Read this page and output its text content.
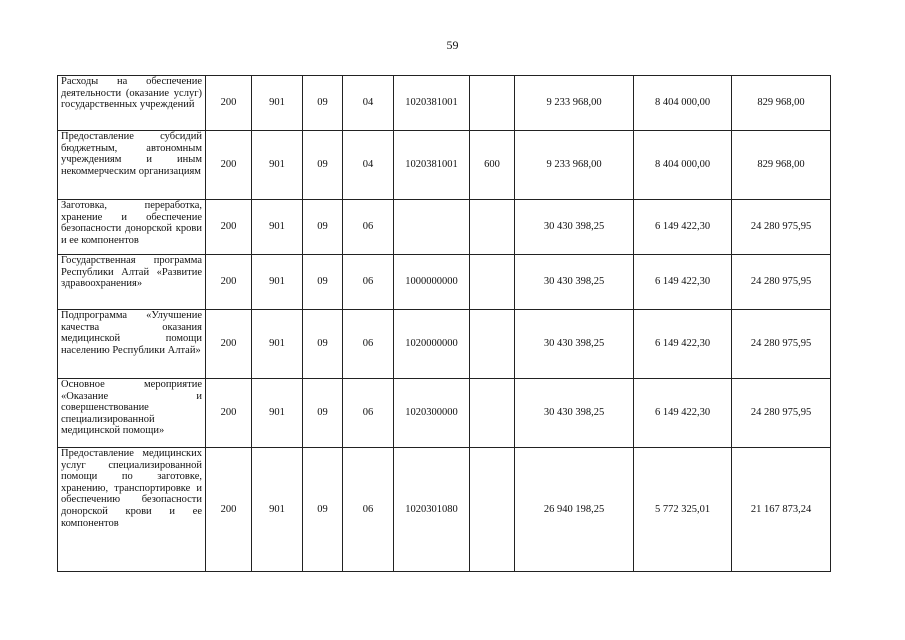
59
Расходы на обеспечение деятельности (оказание услуг) государственных учреждений	200	901	09	04	1020381001		9 233 968,00	8 404 000,00	829 968,00
Предоставление субсидий бюджетным, автономным учреждениям и иным некоммерческим организациям	200	901	09	04	1020381001	600	9 233 968,00	8 404 000,00	829 968,00
Заготовка, переработка, хранение и обеспечение безопасности донорской крови и ее компонентов	200	901	09	06			30 430 398,25	6 149 422,30	24 280 975,95
Государственная программа Республики Алтай «Развитие здравоохранения»	200	901	09	06	1000000000		30 430 398,25	6 149 422,30	24 280 975,95
Подпрограмма «Улучшение качества оказания медицинской помощи населению Республики Алтай»	200	901	09	06	1020000000		30 430 398,25	6 149 422,30	24 280 975,95
Основное мероприятие «Оказание и совершенствование специализированной медицинской помощи»	200	901	09	06	1020300000		30 430 398,25	6 149 422,30	24 280 975,95
Предоставление медицинских услуг специализированной помощи по заготовке, хранению, транспортировке и обеспечению безопасности донорской крови и ее компонентов	200	901	09	06	1020301080		26 940 198,25	5 772 325,01	21 167 873,24
